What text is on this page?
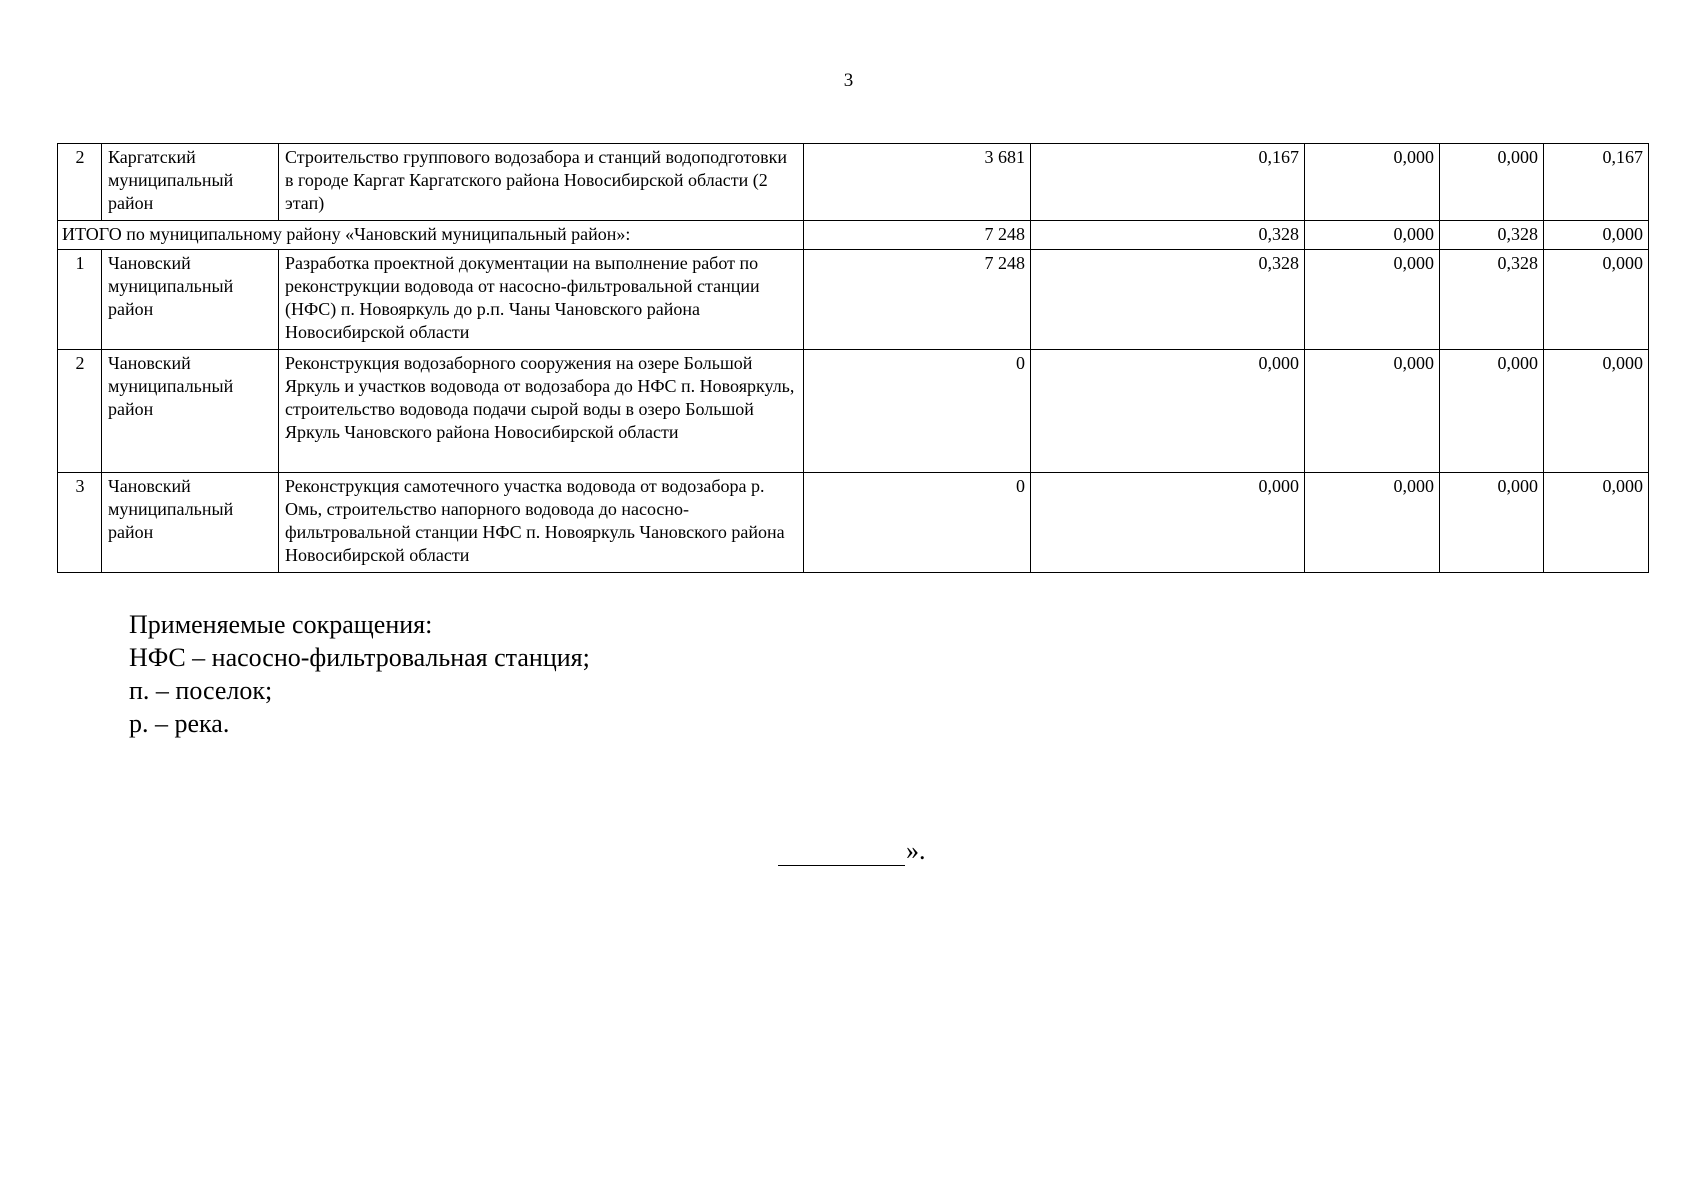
3
2	Каргатский муниципальный район	Строительство группового водозабора и станций водоподготовки в городе Каргат Каргатского района Новосибирской области (2 этап)	3 681	0,167	0,000	0,000	0,167
ИТОГО по муниципальному району «Чановский муниципальный район»:			7 248	0,328	0,000	0,328	0,000
1	Чановский муниципальный район	Разработка проектной документации на выполнение работ по реконструкции водовода от насосно-фильтровальной станции (НФС) п. Новояркуль до р.п. Чаны Чановского района Новосибирской области	7 248	0,328	0,000	0,328	0,000
2	Чановский муниципальный район	Реконструкция водозаборного сооружения на озере Большой Яркуль и участков водовода от водозабора до НФС п. Новояркуль, строительство водовода подачи сырой воды в озеро Большой Яркуль Чановского района Новосибирской области	0	0,000	0,000	0,000	0,000
3	Чановский муниципальный район	Реконструкция самотечного участка водовода от водозабора р. Омь, строительство напорного водовода до насосно-фильтровальной станции НФС п. Новояркуль Чановского района Новосибирской области	0	0,000	0,000	0,000	0,000
Применяемые сокращения:
НФС – насосно-фильтровальная станция;
п. – поселок;
р. – река.
».
